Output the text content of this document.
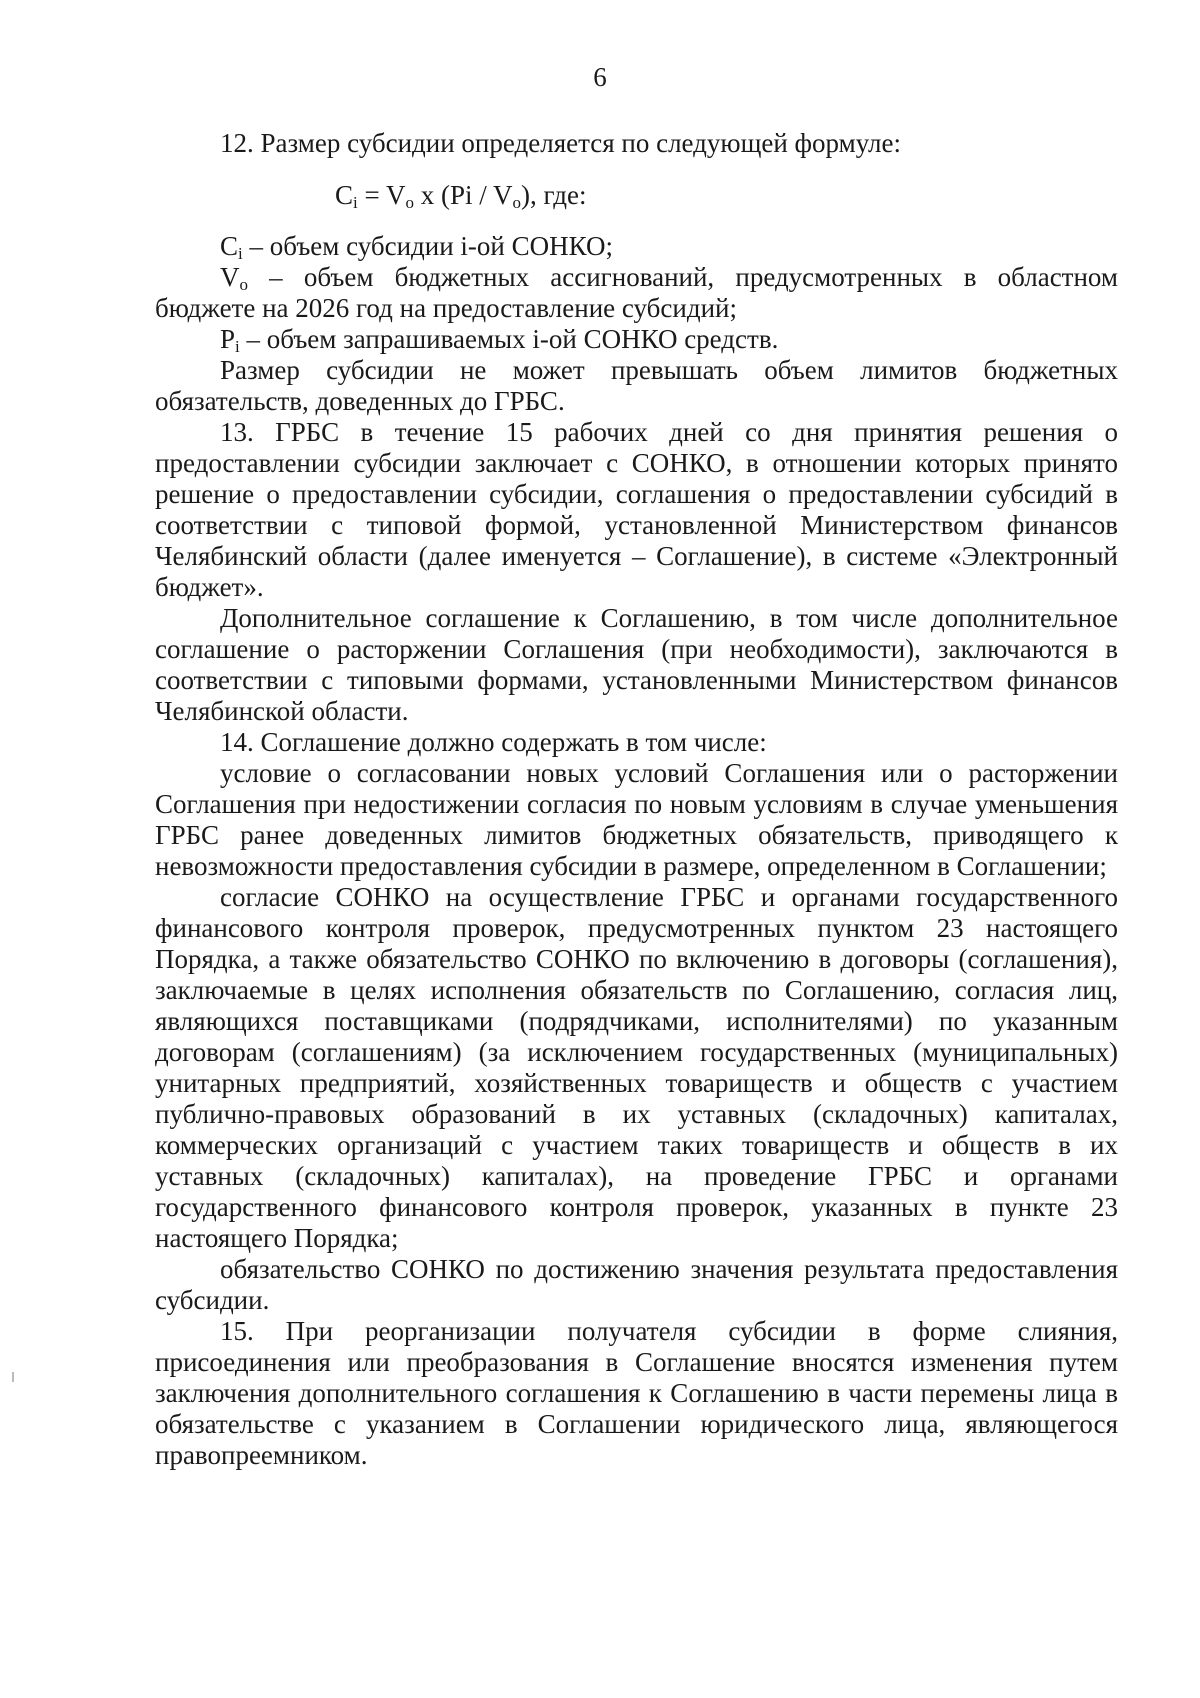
6

12. Размер субсидии определяется по следующей формуле:

$C_i = V_o$ x $(Pi / V_o)$, где:

$C_i$ – объем субсидии i-ой СОНКО;

$V_o$ – объем бюджетных ассигнований, предусмотренных в областном бюджете на 2026 год на предоставление субсидий;

$P_i$ – объем запрашиваемых i-ой СОНКО средств.

Размер субсидии не может превышать объем лимитов бюджетных обязательств, доведенных до ГРБС.

13. ГРБС в течение 15 рабочих дней со дня принятия решения о предоставлении субсидии заключает с СОНКО, в отношении которых принято решение о предоставлении субсидии, соглашения о предоставлении субсидий в соответствии с типовой формой, установленной Министерством финансов Челябинский области (далее именуется – Соглашение), в системе «Электронный бюджет».

Дополнительное соглашение к Соглашению, в том числе дополнительное соглашение о расторжении Соглашения (при необходимости), заключаются в соответствии с типовыми формами, установленными Министерством финансов Челябинской области.

14. Соглашение должно содержать в том числе:

условие о согласовании новых условий Соглашения или о расторжении Соглашения при недостижении согласия по новым условиям в случае уменьшения ГРБС ранее доведенных лимитов бюджетных обязательств, приводящего к невозможности предоставления субсидии в размере, определенном в Соглашении;

согласие СОНКО на осуществление ГРБС и органами государственного финансового контроля проверок, предусмотренных пунктом 23 настоящего Порядка, а также обязательство СОНКО по включению в договоры (соглашения), заключаемые в целях исполнения обязательств по Соглашению, согласия лиц, являющихся поставщиками (подрядчиками, исполнителями) по указанным договорам (соглашениям) (за исключением государственных (муниципальных) унитарных предприятий, хозяйственных товариществ и обществ с участием публично-правовых образований в их уставных (складочных) капиталах, коммерческих организаций с участием таких товариществ и обществ в их уставных (складочных) капиталах), на проведение ГРБС и органами государственного финансового контроля проверок, указанных в пункте 23 настоящего Порядка;

обязательство СОНКО по достижению значения результата предоставления субсидии.

15. При реорганизации получателя субсидии в форме слияния, присоединения или преобразования в Соглашение вносятся изменения путем заключения дополнительного соглашения к Соглашению в части перемены лица в обязательстве с указанием в Соглашении юридического лица, являющегося правопреемником.
